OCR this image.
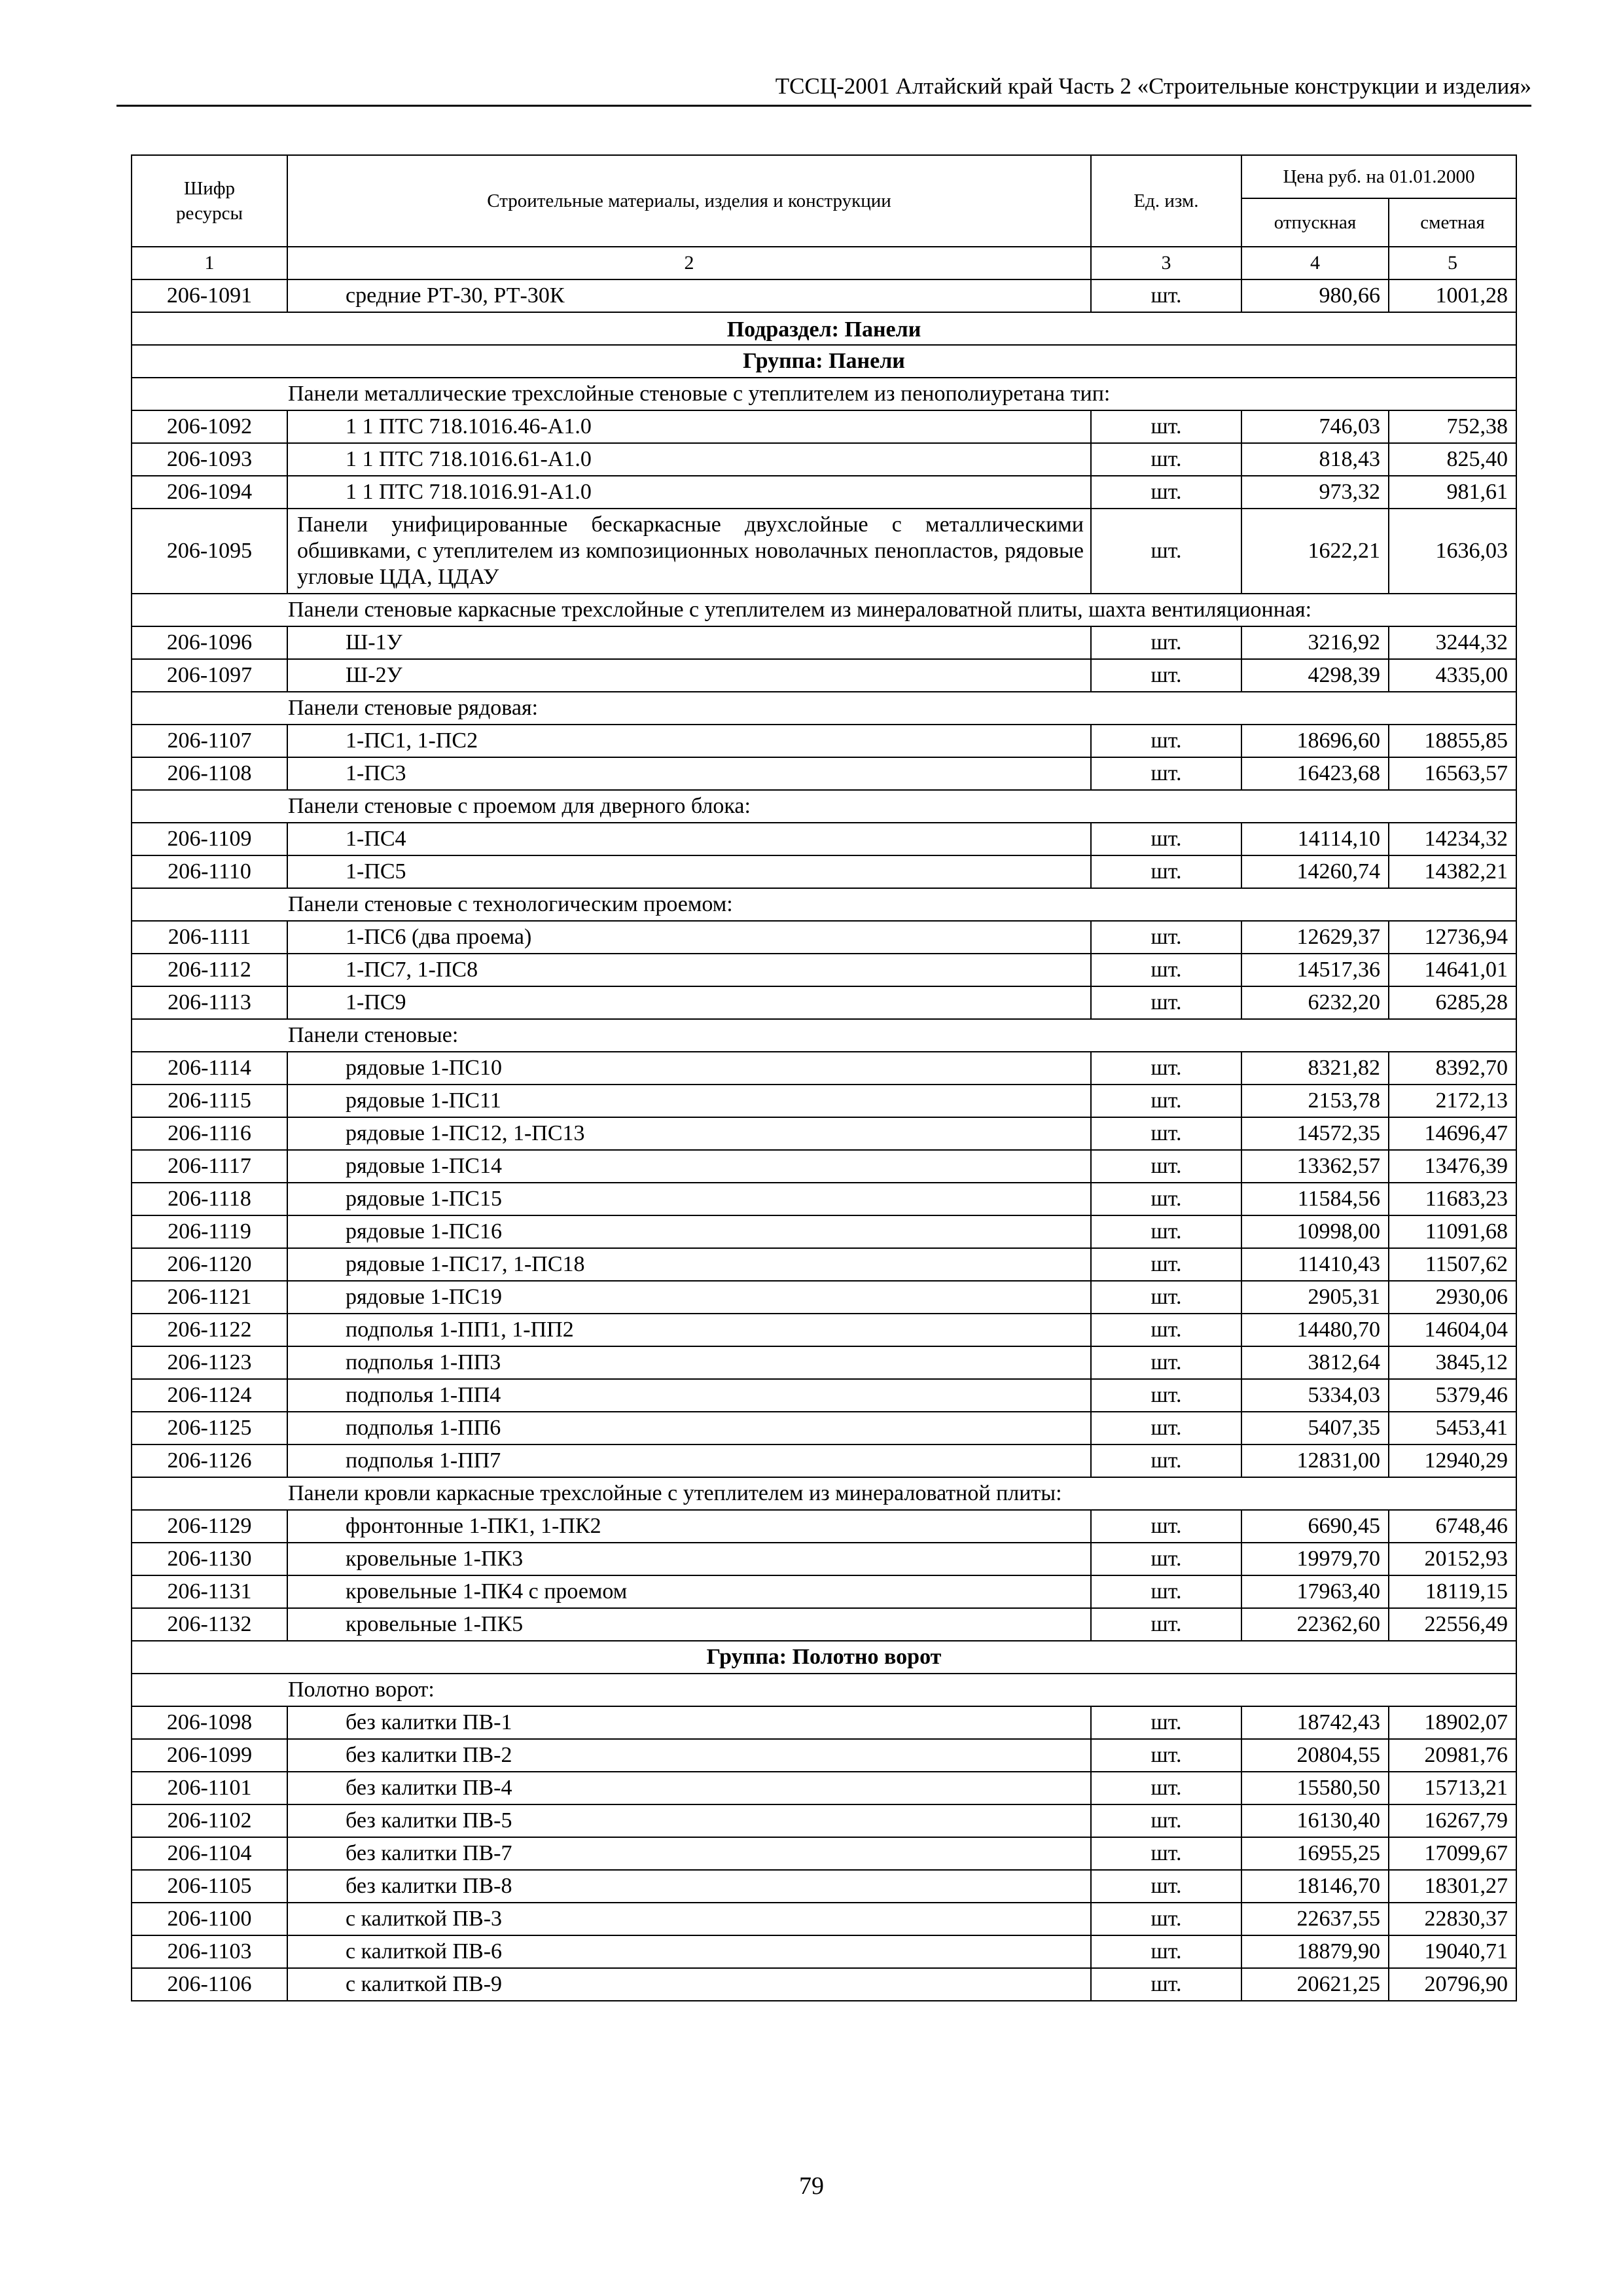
ТССЦ-2001 Алтайский край Часть 2 «Строительные конструкции и изделия»
Шифр ресурсы	Строительные материалы, изделия и конструкции	Ед. изм.	Цена руб. на 01.01.2000	
			отпускная	сметная
1	2	3	4	5
206-1091	средние РТ-30, РТ-30К	шт.	980,66	1001,28
Подраздел: Панели				
Группа: Панели				
Панели металлические трехслойные стеновые с утеплителем из пенополиуретана тип:				
206-1092	1 1 ПТС 718.1016.46-А1.0	шт.	746,03	752,38
206-1093	1 1 ПТС 718.1016.61-А1.0	шт.	818,43	825,40
206-1094	1 1 ПТС 718.1016.91-А1.0	шт.	973,32	981,61
206-1095	Панели унифицированные бескаркасные двухслойные с металлическими обшивками, с утеплителем из композиционных новолачных пенопластов, рядовые угловые ЦДА, ЦДАУ	шт.	1622,21	1636,03
Панели стеновые каркасные трехслойные с утеплителем из минераловатной плиты, шахта вентиляционная:				
206-1096	Ш-1У	шт.	3216,92	3244,32
206-1097	Ш-2У	шт.	4298,39	4335,00
Панели стеновые рядовая:				
206-1107	1-ПС1, 1-ПС2	шт.	18696,60	18855,85
206-1108	1-ПС3	шт.	16423,68	16563,57
Панели стеновые с проемом для дверного блока:				
206-1109	1-ПС4	шт.	14114,10	14234,32
206-1110	1-ПС5	шт.	14260,74	14382,21
Панели стеновые с технологическим проемом:				
206-1111	1-ПС6 (два проема)	шт.	12629,37	12736,94
206-1112	1-ПС7, 1-ПС8	шт.	14517,36	14641,01
206-1113	1-ПС9	шт.	6232,20	6285,28
Панели стеновые:				
206-1114	рядовые 1-ПС10	шт.	8321,82	8392,70
206-1115	рядовые 1-ПС11	шт.	2153,78	2172,13
206-1116	рядовые 1-ПС12, 1-ПС13	шт.	14572,35	14696,47
206-1117	рядовые 1-ПС14	шт.	13362,57	13476,39
206-1118	рядовые 1-ПС15	шт.	11584,56	11683,23
206-1119	рядовые 1-ПС16	шт.	10998,00	11091,68
206-1120	рядовые 1-ПС17, 1-ПС18	шт.	11410,43	11507,62
206-1121	рядовые 1-ПС19	шт.	2905,31	2930,06
206-1122	подполья 1-ПП1, 1-ПП2	шт.	14480,70	14604,04
206-1123	подполья 1-ПП3	шт.	3812,64	3845,12
206-1124	подполья 1-ПП4	шт.	5334,03	5379,46
206-1125	подполья 1-ПП6	шт.	5407,35	5453,41
206-1126	подполья 1-ПП7	шт.	12831,00	12940,29
Панели кровли каркасные трехслойные с утеплителем из минераловатной плиты:				
206-1129	фронтонные 1-ПК1, 1-ПК2	шт.	6690,45	6748,46
206-1130	кровельные 1-ПК3	шт.	19979,70	20152,93
206-1131	кровельные 1-ПК4 с проемом	шт.	17963,40	18119,15
206-1132	кровельные 1-ПК5	шт.	22362,60	22556,49
Группа: Полотно ворот				
Полотно ворот:				
206-1098	без калитки ПВ-1	шт.	18742,43	18902,07
206-1099	без калитки ПВ-2	шт.	20804,55	20981,76
206-1101	без калитки ПВ-4	шт.	15580,50	15713,21
206-1102	без калитки ПВ-5	шт.	16130,40	16267,79
206-1104	без калитки ПВ-7	шт.	16955,25	17099,67
206-1105	без калитки ПВ-8	шт.	18146,70	18301,27
206-1100	с калиткой ПВ-3	шт.	22637,55	22830,37
206-1103	с калиткой ПВ-6	шт.	18879,90	19040,71
206-1106	с калиткой ПВ-9	шт.	20621,25	20796,90
79
